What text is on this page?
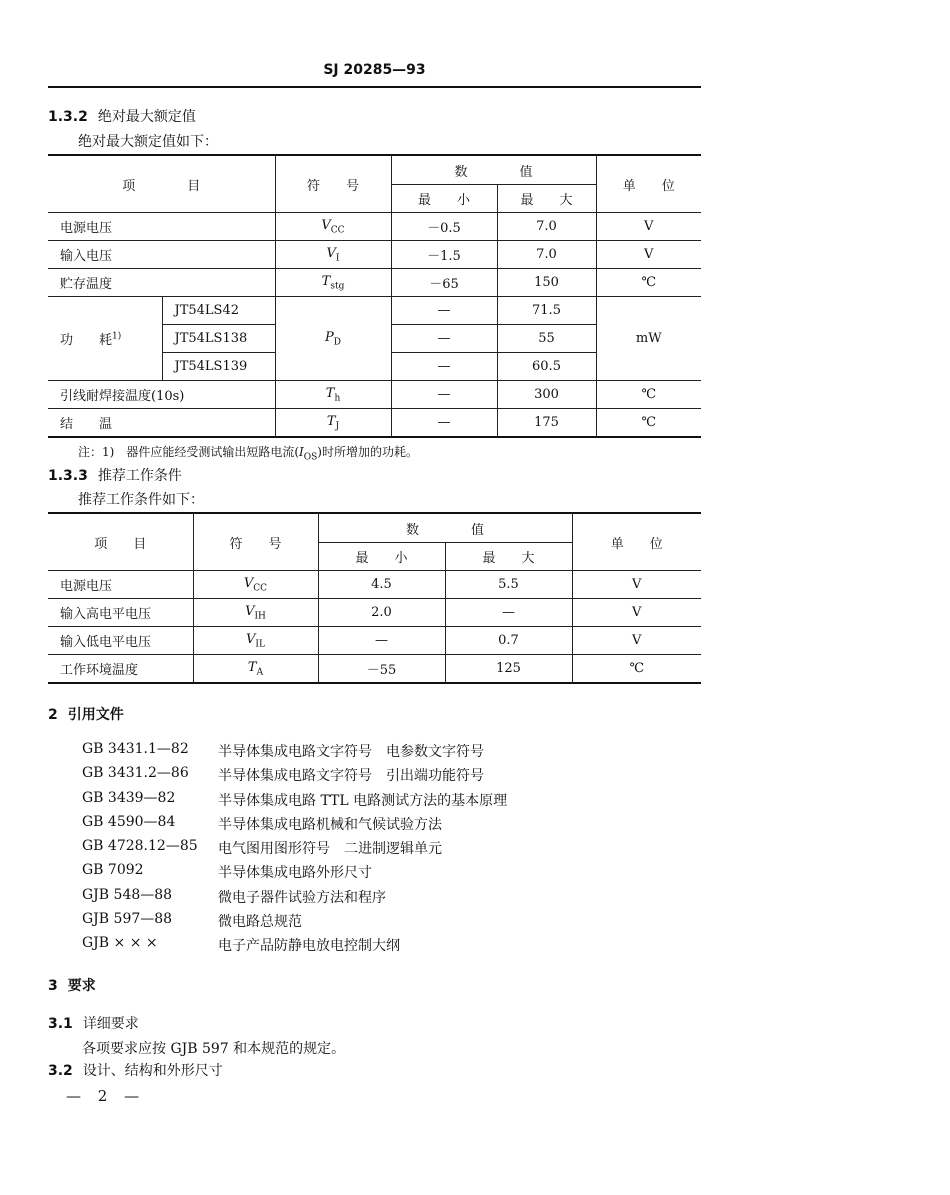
SJ 20285—93
1.3.2 绝对最大额定值
绝对最大额定值如下：
项　　　　目		符　　号	数　　　　值		单　　位
			最　　小	最　　大	
电源电压		$V_{CC}$	－0.5	7.0	V
输入电压		$V_I$	－1.5	7.0	V
贮存温度		$T_{stg}$	－65	150	℃
功　　耗$^{1)}$	JT54LS42	$P_D$	—	71.5	mW
	JT54LS138		—	55	
	JT54LS139		—	60.5	
引线耐焊接温度(10s)		$T_h$	—	300	℃
结　　温		$T_J$	—	175	℃
注：1)　器件应能经受测试输出短路电流$(I_{OS})$时所增加的功耗。
1.3.3 推荐工作条件
推荐工作条件如下：
项　　目	符　　号	数　　　　值		单　　位
		最　　小	最　　大	
电源电压	$V_{CC}$	4.5	5.5	V
输入高电平电压	$V_{IH}$	2.0	—	V
输入低电平电压	$V_{IL}$	—	0.7	V
工作环境温度	$T_A$	－55	125	℃
2 引用文件
GB 3431.1—82	半导体集成电路文字符号　电参数文字符号
GB 3431.2—86	半导体集成电路文字符号　引出端功能符号
GB 3439—82	半导体集成电路 TTL 电路测试方法的基本原理
GB 4590—84	半导体集成电路机械和气候试验方法
GB 4728.12—85	电气图用图形符号　二进制逻辑单元
GB 7092	半导体集成电路外形尺寸
GJB 548—88	微电子器件试验方法和程序
GJB 597—88	微电路总规范
GJB × × ×	电子产品防静电放电控制大纲
3 要求
3.1 详细要求
各项要求应按 GJB 597 和本规范的规定。
3.2 设计、结构和外形尺寸
— 2 —
